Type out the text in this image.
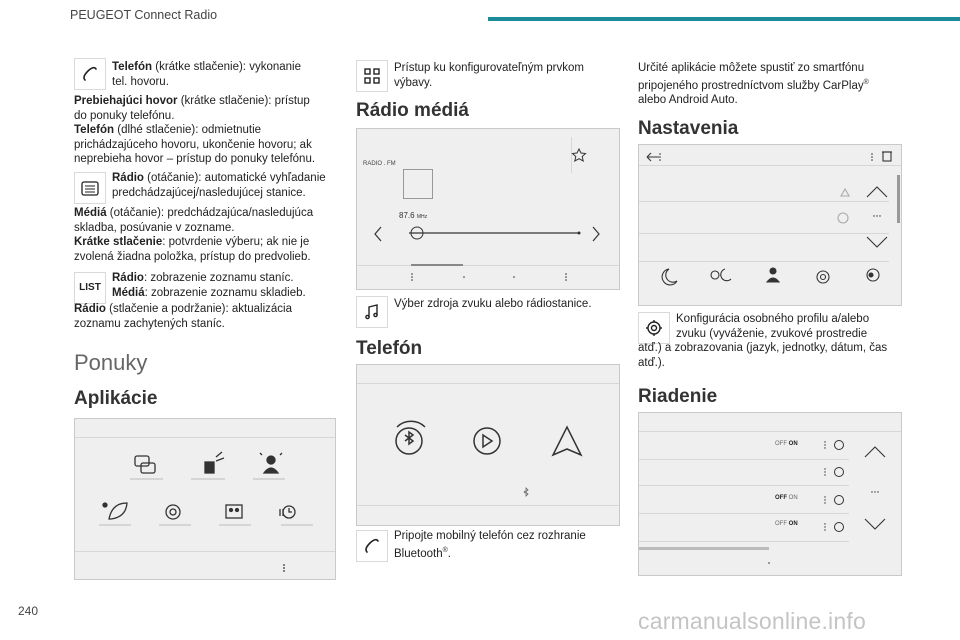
PEUGEOT Connect Radio
Telefón (krátke stlačenie): vykonanie
tel. hovoru.
Prebiehajúci hovor (krátke stlačenie): prístup
do ponuky telefónu.
Telefón (dlhé stlačenie): odmietnutie
prichádzajúceho hovoru, ukončenie hovoru; ak
neprebieha hovor – prístup do ponuky telefónu.
Rádio (otáčanie): automatické vyhľadanie
predchádzajúcej/nasledujúcej stanice.
Médiá (otáčanie): predchádzajúca/nasledujúca
skladba, posúvanie v zozname.
Krátke stlačenie: potvrdenie výberu; ak nie je
zvolená žiadna položka, prístup do predvolieb.
LIST
Rádio: zobrazenie zoznamu staníc.
Médiá: zobrazenie zoznamu skladieb.
Rádio (stlačenie a podržanie): aktualizácia
zoznamu zachytených staníc.
Ponuky
Aplikácie
Prístup ku konfigurovateľným prvkom
výbavy.
Rádio médiá
RADIO . FM
87.6 MHz
Výber zdroja zvuku alebo rádiostanice.
Telefón
Pripojte mobilný telefón cez rozhranie
Bluetooth®.
Určité aplikácie môžete spustiť zo smartfónu
pripojeného prostredníctvom služby CarPlay®
alebo Android Auto.
Nastavenia
Konfigurácia osobného profilu a/alebo
zvuku (vyváženie, zvukové prostredie
atď.) a zobrazovania (jazyk, jednotky, dátum, čas
atď.).
Riadenie
OFF ON
OFF ON
OFF ON
240	carmanualsonline.info
